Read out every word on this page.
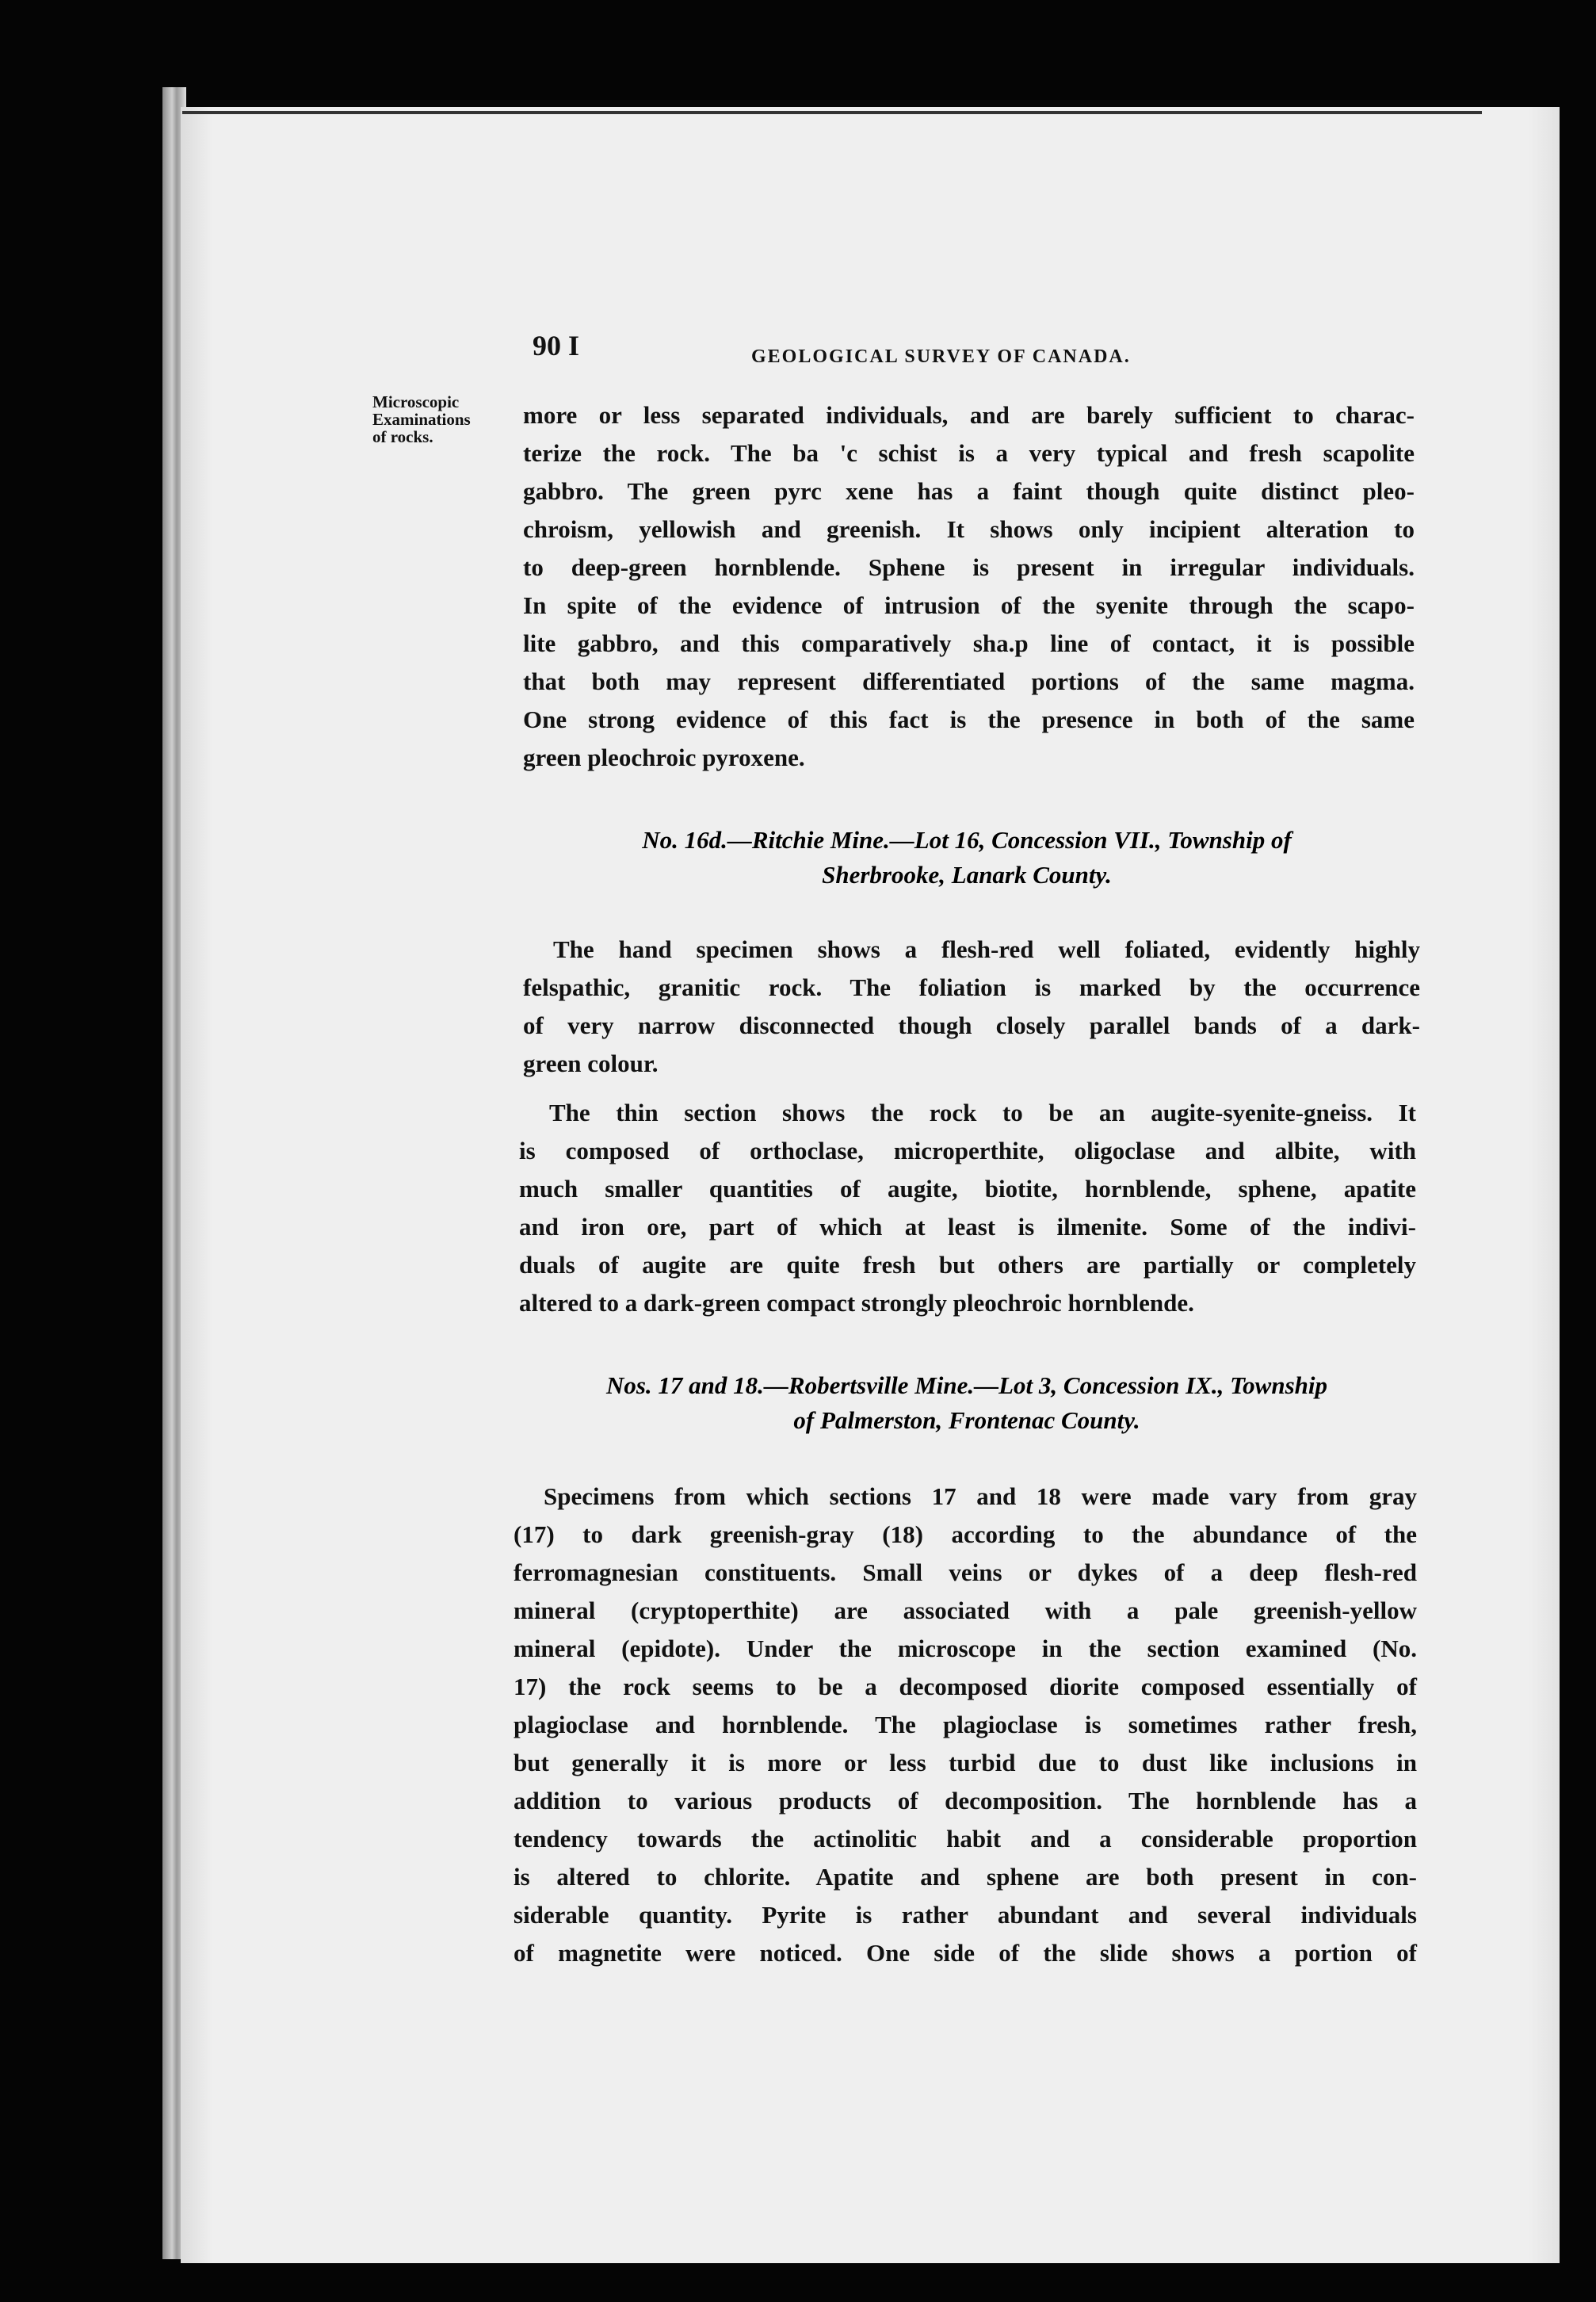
90 I	GEOLOGICAL SURVEY OF CANADA.
Microscopic
Examinations
of rocks.
more or less separated individuals, and are barely sufficient to charac-
terize the rock. The ba 'c schist is a very typical and fresh scapolite
gabbro. The green pyrc xene has a faint though quite distinct pleo-
chroism, yellowish and greenish. It shows only incipient alteration to
to deep-green hornblende. Sphene is present in irregular individuals.
In spite of the evidence of intrusion of the syenite through the scapo-
lite gabbro, and this comparatively sha.p line of contact, it is possible
that both may represent differentiated portions of the same magma.
One strong evidence of this fact is the presence in both of the same
green pleochroic pyroxene.
No. 16d.—Ritchie Mine.—Lot 16, Concession VII., Township of
Sherbrooke, Lanark County.
The hand specimen shows a flesh-red well foliated, evidently highly
felspathic, granitic rock. The foliation is marked by the occurrence
of very narrow disconnected though closely parallel bands of a dark-
green colour.
The thin section shows the rock to be an augite-syenite-gneiss. It
is composed of orthoclase, microperthite, oligoclase and albite, with
much smaller quantities of augite, biotite, hornblende, sphene, apatite
and iron ore, part of which at least is ilmenite. Some of the indivi-
duals of augite are quite fresh but others are partially or completely
altered to a dark-green compact strongly pleochroic hornblende.
Nos. 17 and 18.—Robertsville Mine.—Lot 3, Concession IX., Township
of Palmerston, Frontenac County.
Specimens from which sections 17 and 18 were made vary from gray
(17) to dark greenish-gray (18) according to the abundance of the
ferromagnesian constituents. Small veins or dykes of a deep flesh-red
mineral (cryptoperthite) are associated with a pale greenish-yellow
mineral (epidote). Under the microscope in the section examined (No.
17) the rock seems to be a decomposed diorite composed essentially of
plagioclase and hornblende. The plagioclase is sometimes rather fresh,
but generally it is more or less turbid due to dust like inclusions in
addition to various products of decomposition. The hornblende has a
tendency towards the actinolitic habit and a considerable proportion
is altered to chlorite. Apatite and sphene are both present in con-
siderable quantity. Pyrite is rather abundant and several individuals
of magnetite were noticed. One side of the slide shows a portion of
